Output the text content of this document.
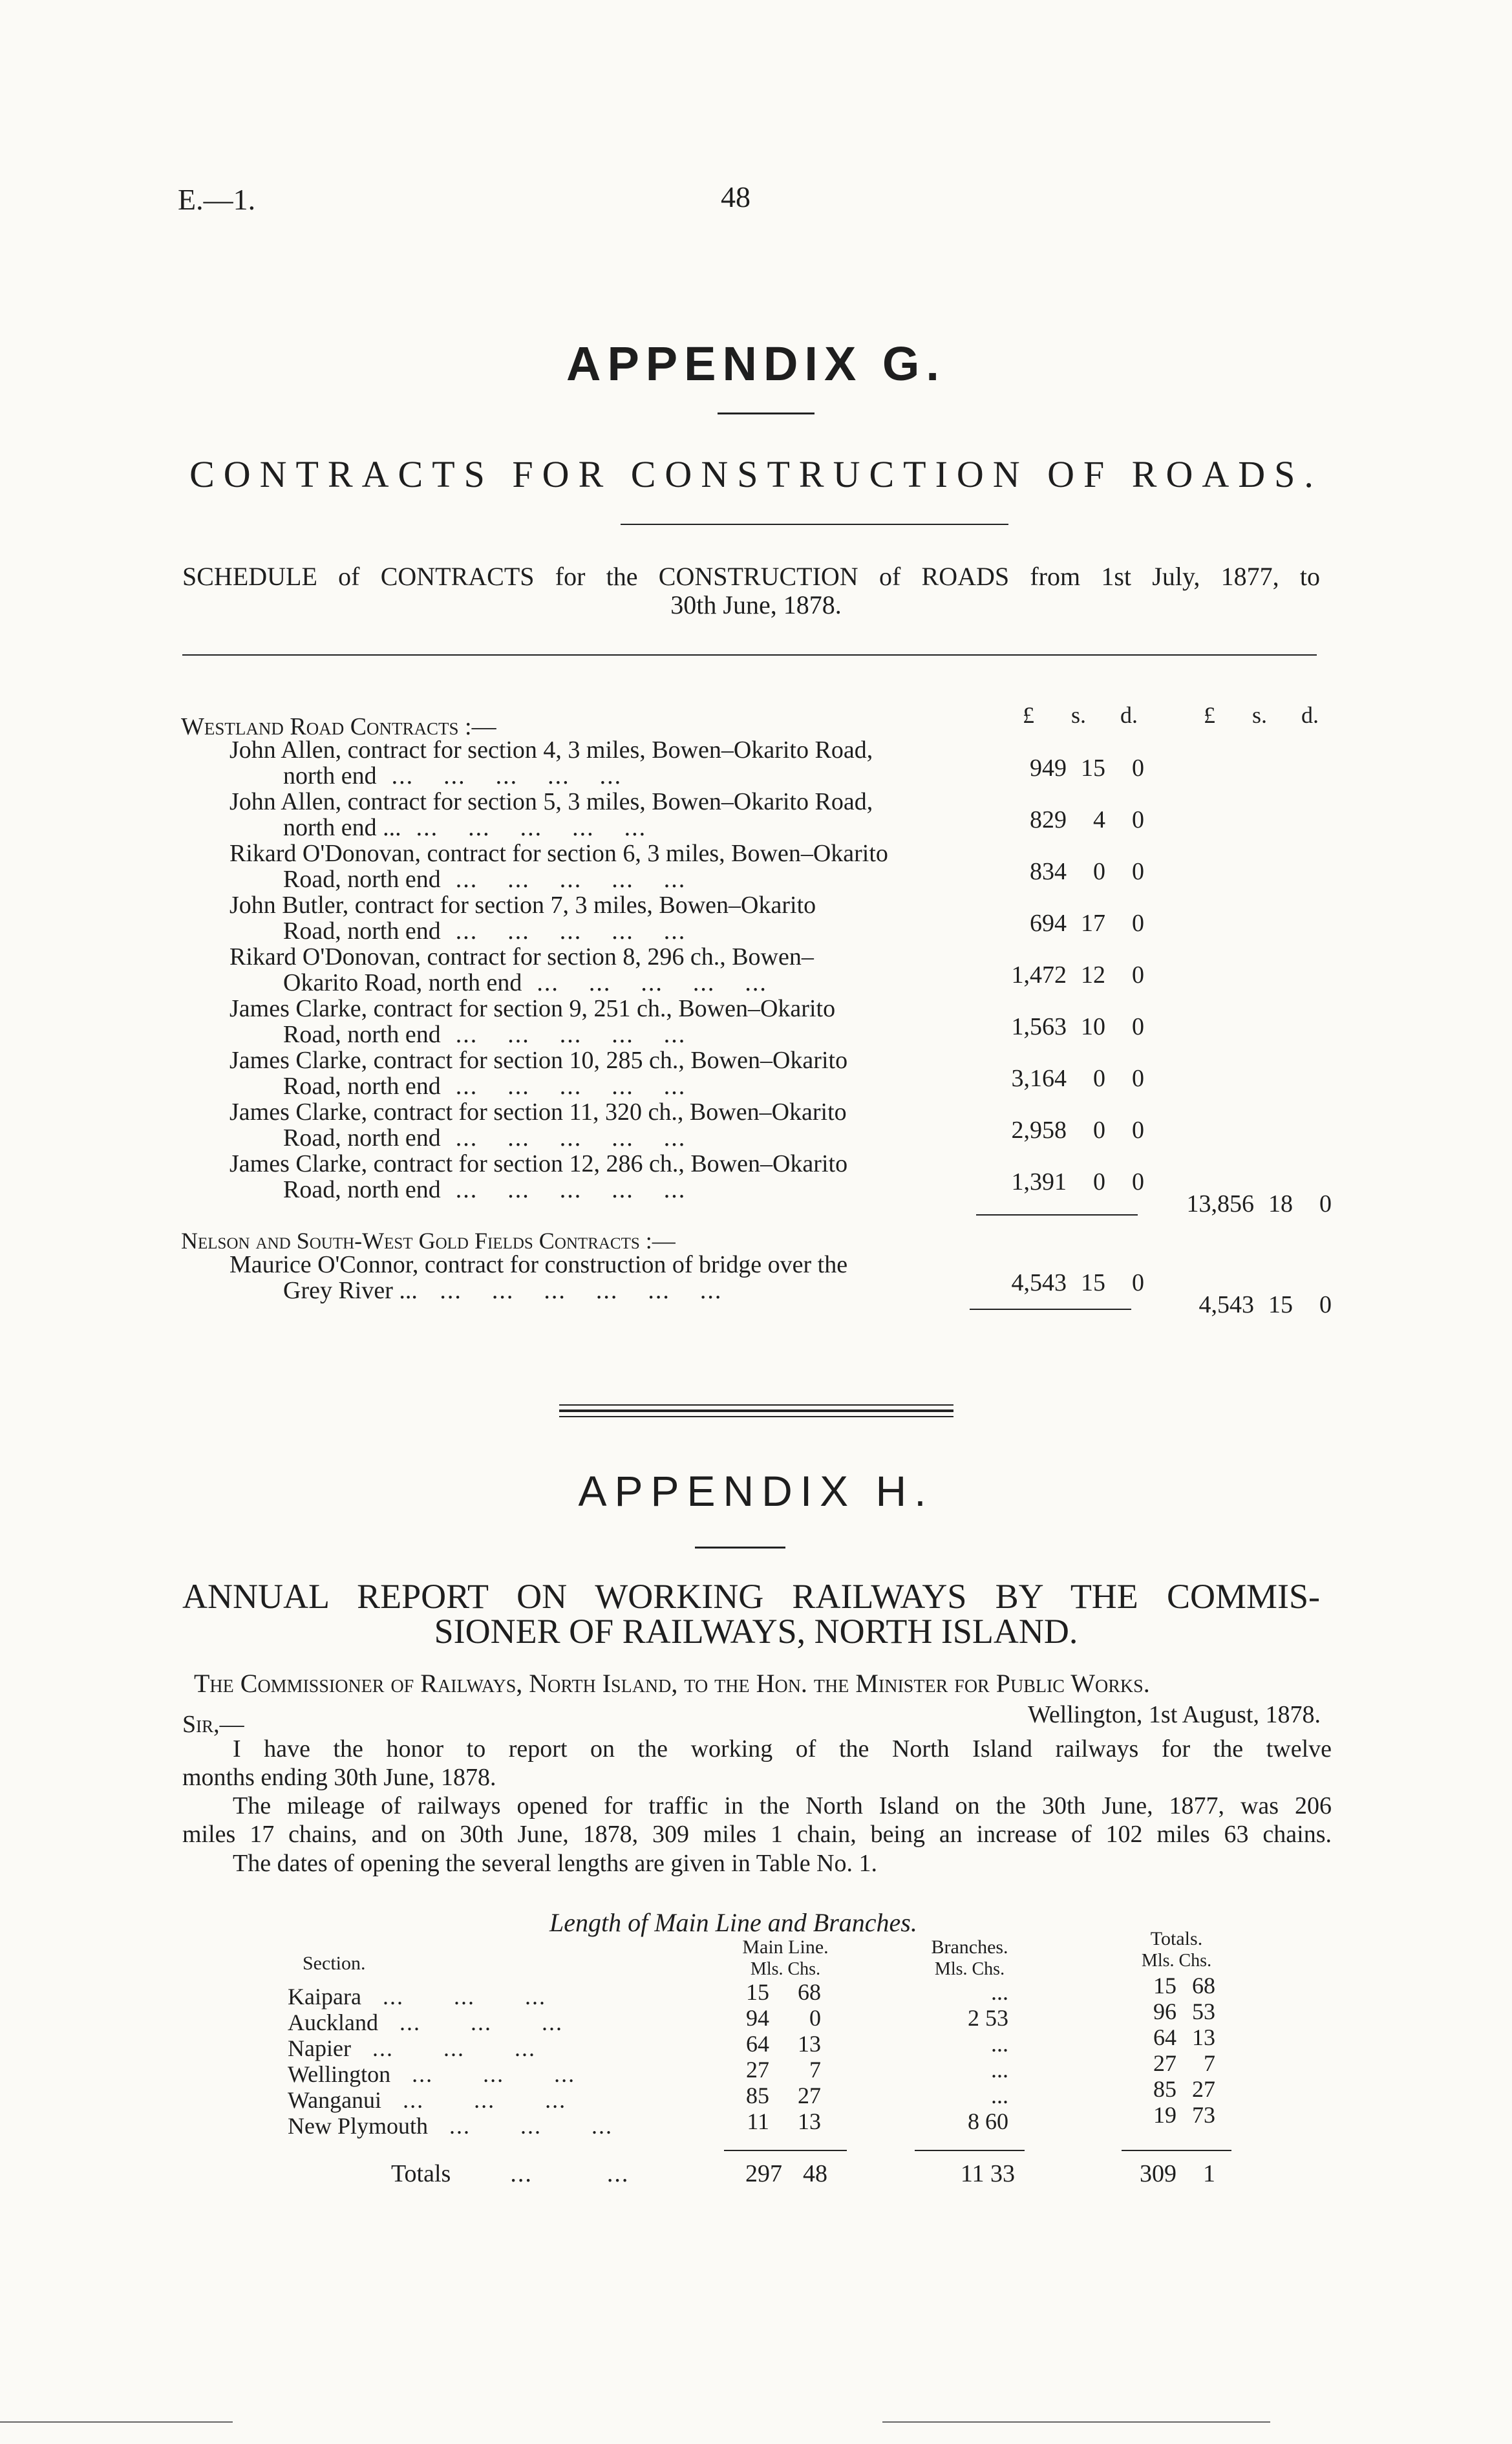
E.—1.	48
APPENDIX G.
CONTRACTS FOR CONSTRUCTION OF ROADS.
SCHEDULE of CONTRACTS for the CONSTRUCTION of ROADS from 1st July, 1877, to
30th June, 1878.
£	s.	d.	£	s.	d.
Westland Road Contracts :—
John Allen, contract for section 4, 3 miles, Bowen–Okarito Road,
north end  ...    ...    ...    ...    ...	949 15	0
John Allen, contract for section 5, 3 miles, Bowen–Okarito Road,
north end ...  ...    ...    ...    ...    ...	829	4	0
Rikard O'Donovan, contract for section 6, 3 miles, Bowen–Okarito
Road, north end  ...    ...    ...    ...    ...	834	0	0
John Butler, contract for section 7, 3 miles, Bowen–Okarito
Road, north end  ...    ...    ...    ...    ...	694 17	0
Rikard O'Donovan, contract for section 8, 296 ch., Bowen–
Okarito Road, north end  ...    ...    ...    ...    ...	1,472 12	0
James Clarke, contract for section 9, 251 ch., Bowen–Okarito
Road, north end  ...    ...    ...    ...    ...	1,563 10	0
James Clarke, contract for section 10, 285 ch., Bowen–Okarito
Road, north end  ...    ...    ...    ...    ...	3,164	0	0
James Clarke, contract for section 11, 320 ch., Bowen–Okarito
Road, north end  ...    ...    ...    ...    ...	2,958	0	0
James Clarke, contract for section 12, 286 ch., Bowen–Okarito
Road, north end  ...    ...    ...    ...    ...	1,391	0	0
13,856 18	0
Nelson and South-West Gold Fields Contracts :—
Maurice O'Connor, contract for construction of bridge over the
Grey River ...   ...    ...    ...    ...    ...    ...	4,543 15	0
4,543 15	0
APPENDIX H.
ANNUAL REPORT ON WORKING RAILWAYS BY THE COMMIS-
SIONER OF RAILWAYS, NORTH ISLAND.
The Commissioner of Railways, North Island, to the Hon. the Minister for Public Works.
Wellington, 1st August, 1878.
Sir,—
I have the honor to report on the working of the North Island railways for the twelve
months ending 30th June, 1878.
The mileage of railways opened for traffic in the North Island on the 30th June, 1877, was 206
miles 17 chains, and on 30th June, 1878, 309 miles 1 chain, being an increase of 102 miles 63 chains.
The dates of opening the several lengths are given in Table No. 1.
Length of Main Line and Branches.
Section.
Main Line.
Mls. Chs.
Branches.
Mls. Chs.
Totals.
Mls. Chs.
Kaipara   ...       ...       ...	15	68	...	15 68
Auckland   ...       ...       ...	94	0	2 53	96 53
Napier   ...       ...       ...	64	13	...	64 13
Wellington   ...       ...       ...	27	7	...	27	7
Wanganui   ...       ...       ...	85	27	...	85 27
New Plymouth   ...       ...       ...	11	13	8 60	19 73
Totals        ...          ...	297 48	11 33	309	1
